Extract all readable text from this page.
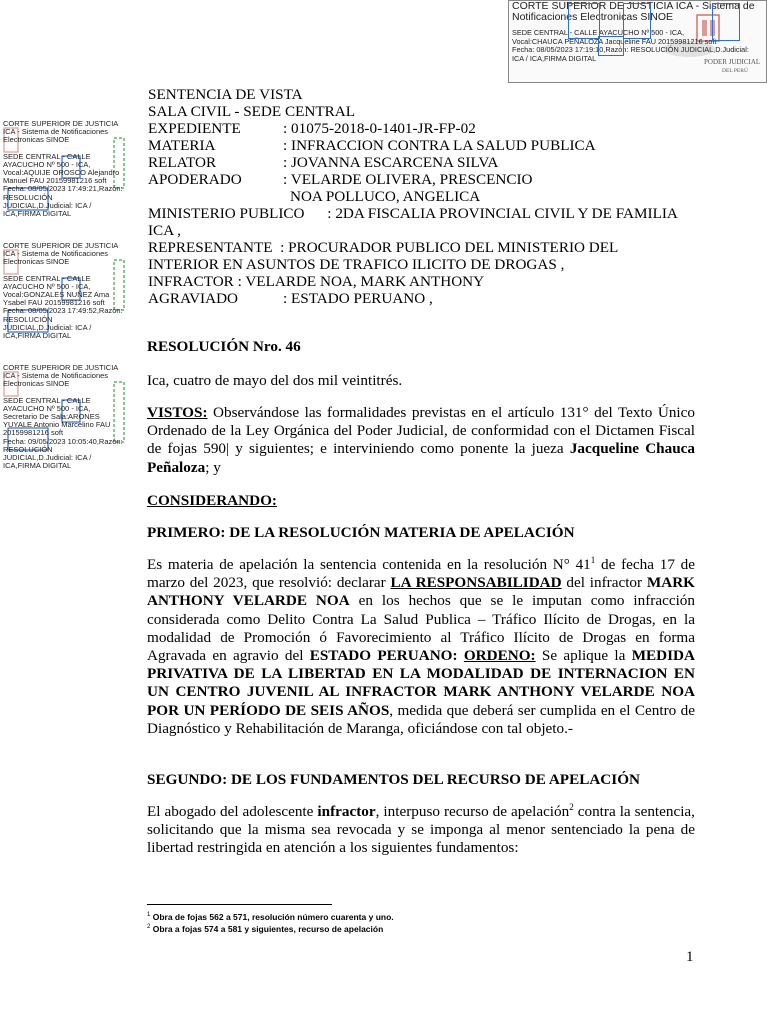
PODER JUDICIAL
DEL PERÚ
CORTE SUPERIOR DE JUSTICIA ICA - Sistema de
Notificaciones Electronicas SINOE
SEDE CENTRAL - CALLE AYACUCHO Nº 500 - ICA,
Vocal:CHAUCA PEÑALOZA Jacqueline FAU 20159981216 soft
Fecha: 08/05/2023 17:19:10,Razón: RESOLUCIÓN JUDICIAL,D.Judicial:
ICA / ICA,FIRMA DIGITAL
CORTE SUPERIOR DE JUSTICIA
ICA - Sistema de Notificaciones
Electronicas SINOE
SEDE CENTRAL - CALLE
AYACUCHO Nº 500 - ICA,
Vocal:AQUIJE OROSCO Alejandro
Manuel FAU 20159981216 soft
Fecha: 08/05/2023 17:49:21,Razón:
RESOLUCIÓN
JUDICIAL,D.Judicial: ICA /
ICA,FIRMA DIGITAL
CORTE SUPERIOR DE JUSTICIA
ICA - Sistema de Notificaciones
Electronicas SINOE
SEDE CENTRAL - CALLE
AYACUCHO Nº 500 - ICA,
Vocal:GONZALES NUÑEZ Ama
Ysabel FAU 20159981216 soft
Fecha: 08/05/2023 17:49:52,Razón:
RESOLUCIÓN
JUDICIAL,D.Judicial: ICA /
ICA,FIRMA DIGITAL
CORTE SUPERIOR DE JUSTICIA
ICA - Sistema de Notificaciones
Electronicas SINOE
SEDE CENTRAL - CALLE
AYACUCHO Nº 500 - ICA,
Secretario De Sala:ARONES
YUYALE Antonio Marcelino FAU
20159981216 soft
Fecha: 09/05/2023 10:05:40,Razón:
RESOLUCIÓN
JUDICIAL,D.Judicial: ICA /
ICA,FIRMA DIGITAL
SENTENCIA DE VISTA
SALA CIVIL - SEDE CENTRAL
EXPEDIENTE	: 01075-2018-0-1401-JR-FP-02
MATERIA	: INFRACCION CONTRA LA SALUD PUBLICA
RELATOR	: JOVANNA ESCARCENA SILVA
APODERADO	: VELARDE OLIVERA, PRESCENCIO
NOA POLLUCO, ANGELICA
MINISTERIO PUBLICO      : 2DA FISCALIA PROVINCIAL CIVIL Y DE FAMILIA
ICA ,
REPRESENTANTE  : PROCURADOR PUBLICO DEL MINISTERIO DEL
INTERIOR EN ASUNTOS DE TRAFICO ILICITO DE DROGAS ,
INFRACTOR : VELARDE NOA, MARK ANTHONY
AGRAVIADO	: ESTADO PERUANO ,
RESOLUCIÓN Nro. 46
Ica, cuatro de mayo del dos mil veintitrés.
VISTOS: Observándose las formalidades previstas en el artículo 131° del Texto Único Ordenado de la Ley Orgánica del Poder Judicial, de conformidad con el Dictamen Fiscal de fojas 590| y siguientes; e interviniendo como ponente la jueza Jacqueline Chauca Peñaloza; y
CONSIDERANDO:
PRIMERO: DE LA RESOLUCIÓN MATERIA DE APELACIÓN
Es materia de apelación la sentencia contenida en la resolución N° $41^1$ de fecha 17 de marzo del 2023, que resolvió: declarar LA RESPONSABILIDAD del infractor MARK ANTHONY VELARDE NOA en los hechos que se le imputan como infracción considerada como Delito Contra La Salud Publica – Tráfico Ilícito de Drogas, en la modalidad de Promoción ó Favorecimiento al Tráfico Ilícito de Drogas en forma Agravada en agravio del ESTADO PERUANO: ORDENO: Se aplique la MEDIDA PRIVATIVA DE LA LIBERTAD EN LA MODALIDAD DE INTERNACION EN UN CENTRO JUVENIL AL INFRACTOR MARK ANTHONY VELARDE NOA POR UN PERÍODO DE SEIS AÑOS, medida que deberá ser cumplida en el Centro de Diagnóstico y Rehabilitación de Maranga, oficiándose con tal objeto.-
SEGUNDO: DE LOS FUNDAMENTOS DEL RECURSO DE APELACIÓN
El abogado del adolescente infractor, interpuso recurso de apelación$^2$ contra la sentencia, solicitando que la misma sea revocada y se imponga al menor sentenciado la pena de libertad restringida en atención a los siguientes fundamentos:
$^1$ Obra de fojas 562 a 571, resolución número cuarenta y uno.
$^2$ Obra a fojas 574 a 581 y siguientes, recurso de apelación
1
